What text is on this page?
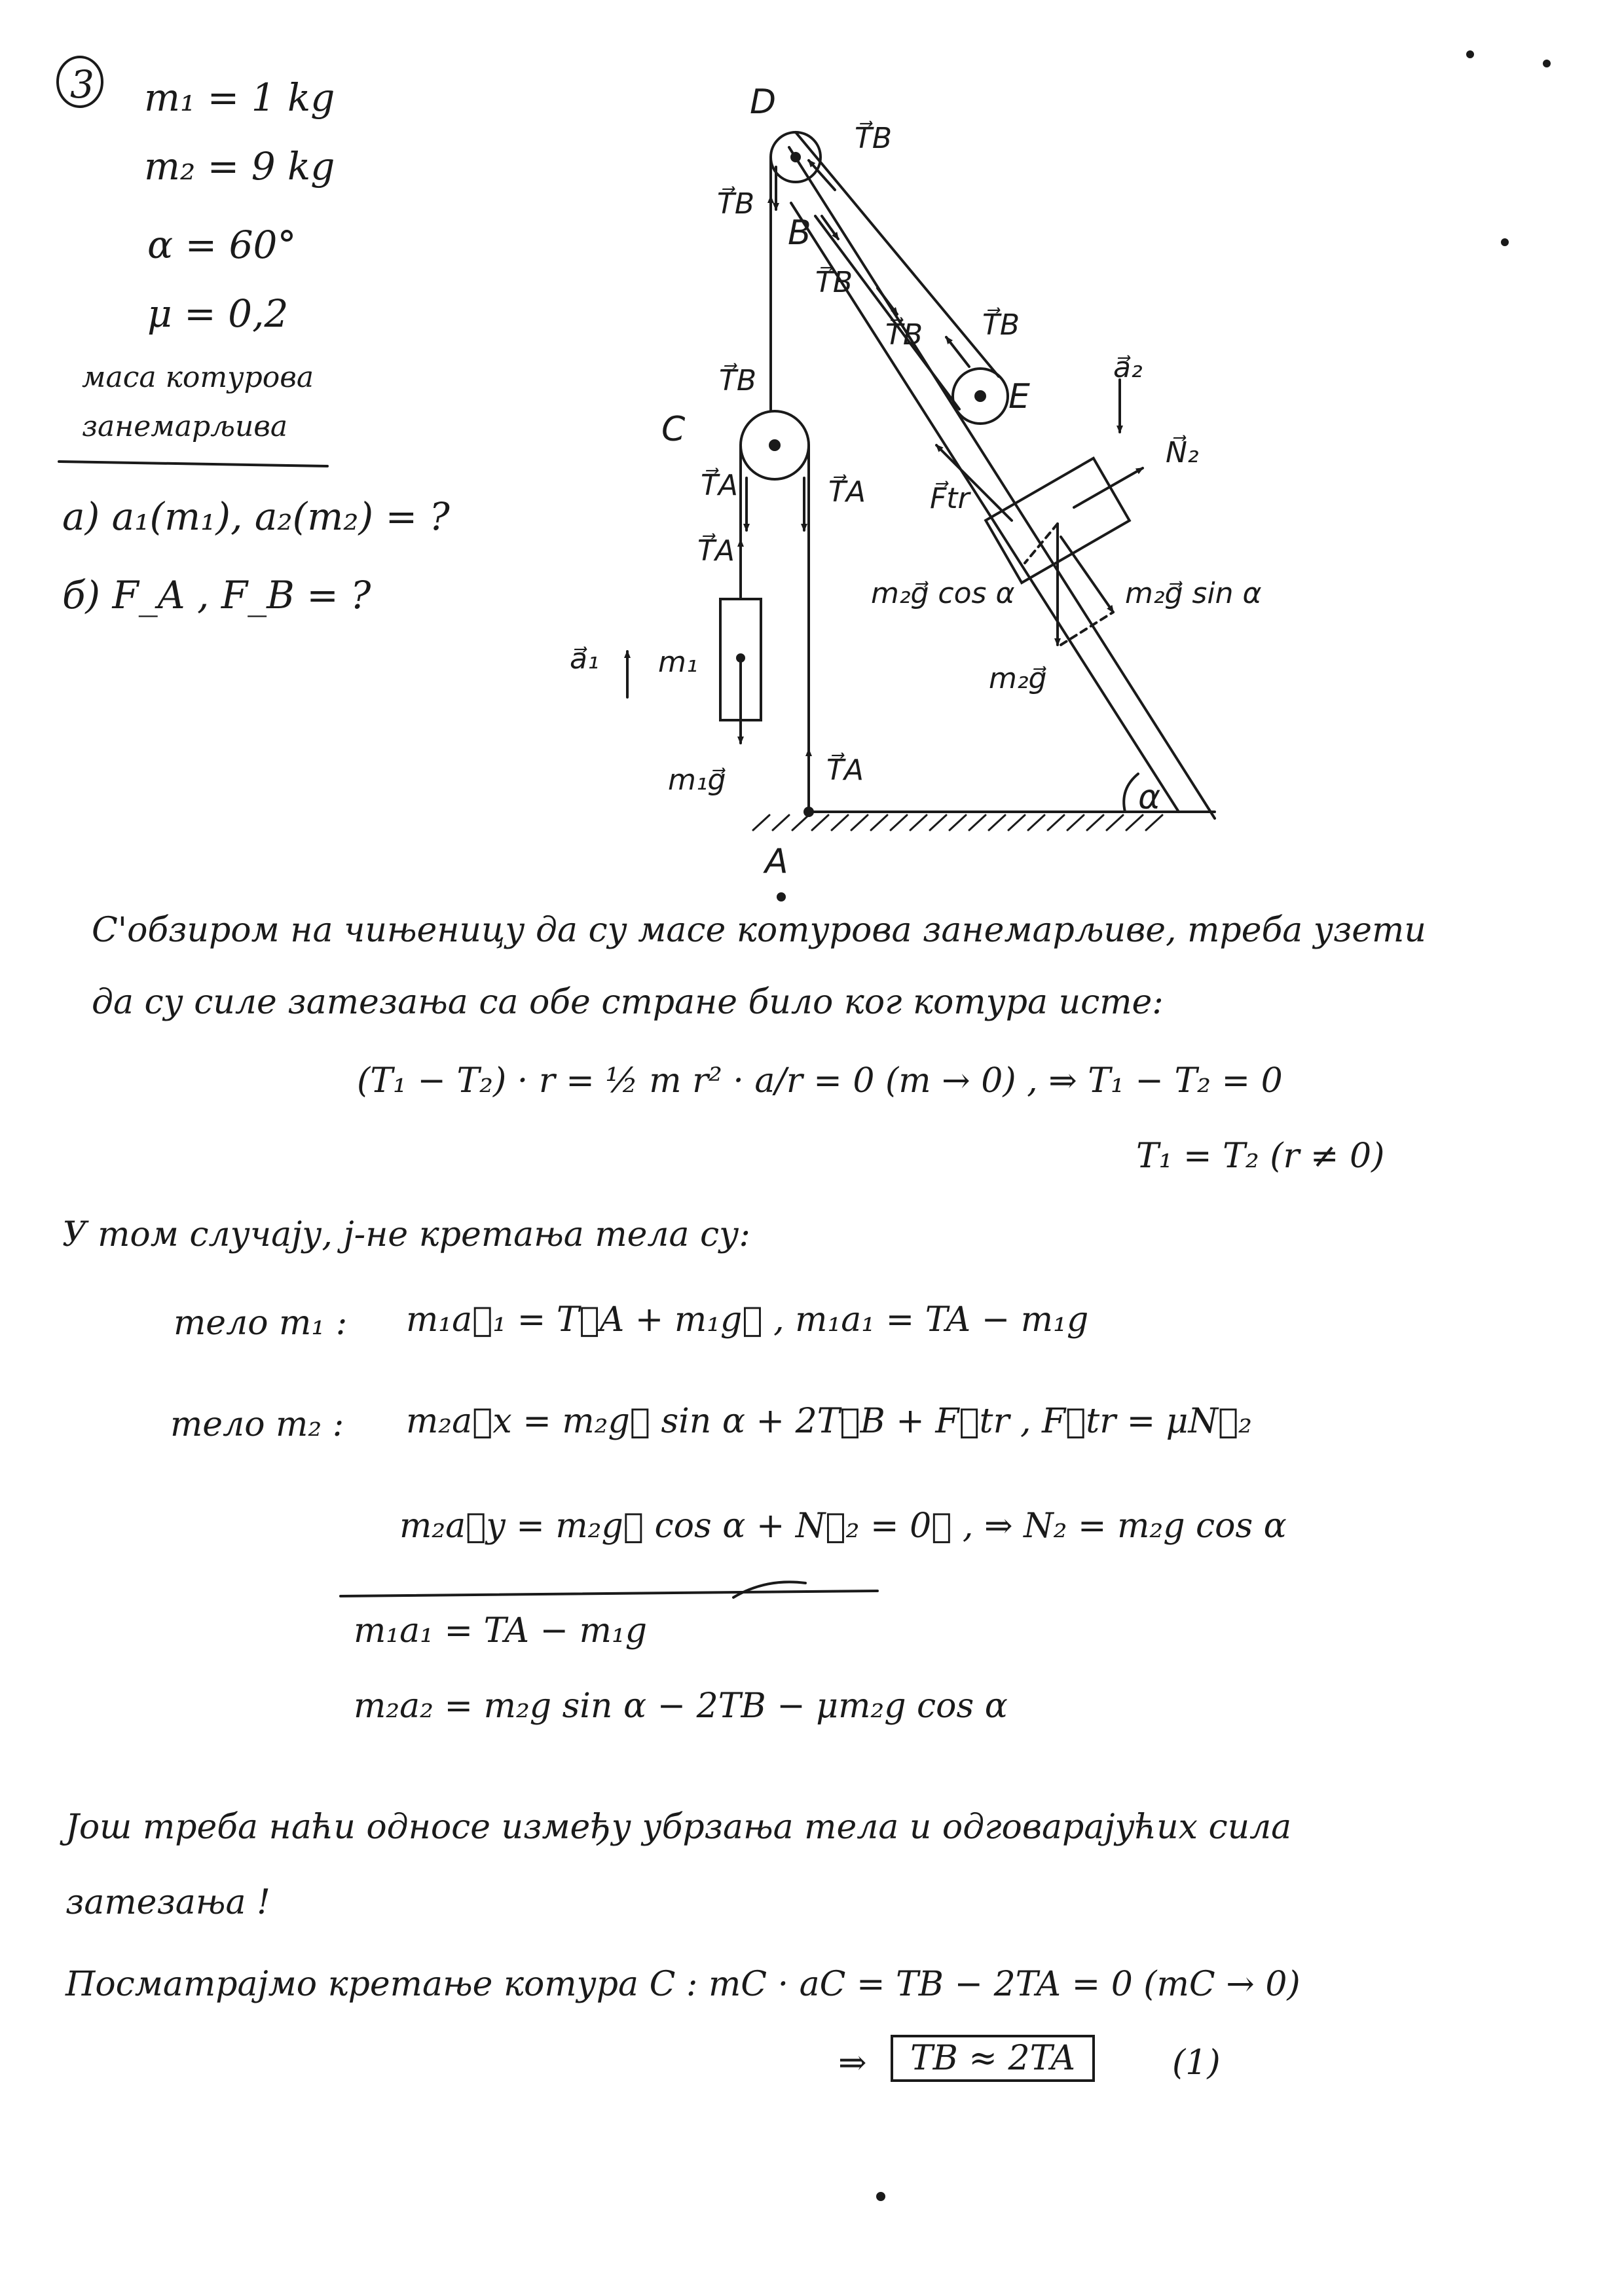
3 m₁ = 1 kg
m₂ = 9 kg
α = 60°
μ = 0,2
маса котурова
занемарљива
a) a₁(m₁), a₂(m₂) = ?
б) F_A , F_B = ?
D
B
C
E
A
T⃗B
T⃗B
T⃗B
T⃗B T⃗B
T⃗B
T⃗A	T⃗A
T⃗A
T⃗A
a⃗₁ m₁
m₁g⃗
a⃗₂
N⃗₂
F⃗tr
m₂g⃗ cos α	m₂g⃗ sin α
m₂g⃗
α
С'обзиром на чињеницу да су масе котурова занемарљиве, треба узети
да су силе затезања са обе стране било ког котура исте:
(T₁ − T₂) · r = ½ m r² · a/r = 0 (m → 0) , ⇒ T₁ − T₂ = 0
T₁ = T₂ (r ≠ 0)
У том случају, ј-не кретања тела су:
тело m₁ : m₁a⃗₁ = T⃗A + m₁g⃗ , m₁a₁ = TA − m₁g
тело m₂ : m₂a⃗x = m₂g⃗ sin α + 2T⃗B + F⃗tr , F⃗tr = μN⃗₂
m₂a⃗y = m₂g⃗ cos α + N⃗₂ = 0⃗ , ⇒ N₂ = m₂g cos α
m₁a₁ = TA − m₁g
m₂a₂ = m₂g sin α − 2TB − μm₂g cos α
Још треба наћи односе између убрзања тела и одговарајућих сила
затезања !
Посматрајмо кретање котура C : mC · aC = TB − 2TA = 0 (mC → 0)
⇒	TB ≈ 2TA	(1)
